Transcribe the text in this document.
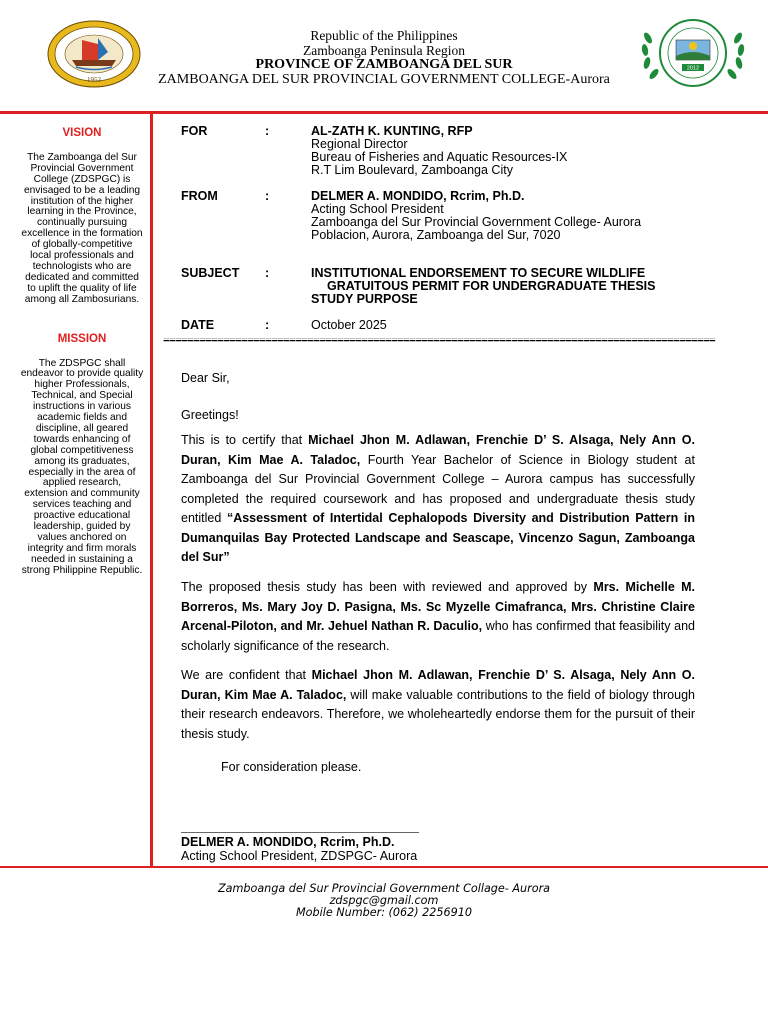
1952
Republic of the Philippines
Zamboanga Peninsula Region
PROVINCE OF ZAMBOANGA DEL SUR
ZAMBOANGA DEL SUR PROVINCIAL GOVERNMENT COLLEGE-Aurora
2012
VISION

The Zamboanga del Sur Provincial Government College (ZDSPGC) is envisaged to be a leading institution of the higher learning in the Province, continually pursuing excellence in the formation of globally-competitive local professionals and technologists who are dedicated and committed to uplift the quality of life among all Zambosurians.

MISSION

The ZDSPGC shall endeavor to provide quality higher Professionals, Technical, and Special instructions in various academic fields and discipline, all geared towards enhancing of global competitiveness among its graduates, especially in the area of applied research, extension and community services teaching and proactive educational leadership, guided by values anchored on integrity and firm morals needed in sustaining a strong Philippine Republic.

FOR	:	AL-ZATH K. KUNTING, RFP
Regional Director
Bureau of Fisheries and Aquatic Resources-IX
R.T Lim Boulevard, Zamboanga City
FROM	:	DELMER A. MONDIDO, Rcrim, Ph.D.
Acting School President
Zamboanga del Sur Provincial Government College- Aurora
Poblacion, Aurora, Zamboanga del Sur, 7020
SUBJECT :	INSTITUTIONAL ENDORSEMENT TO SECURE WILDLIFE
GRATUITOUS PERMIT FOR UNDERGRADUATE THESIS
STUDY PURPOSE
DATE	:	October 2025
============================================================================================
Dear Sir,
Greetings!
This is to certify that Michael Jhon M. Adlawan, Frenchie D’ S. Alsaga, Nely Ann O. Duran, Kim Mae A. Taladoc, Fourth Year Bachelor of Science in Biology student at Zamboanga del Sur Provincial Government College – Aurora campus has successfully completed the required coursework and has proposed and undergraduate thesis study entitled “Assessment of Intertidal Cephalopods Diversity and Distribution Pattern in Dumanquilas Bay Protected Landscape and Seascape, Vincenzo Sagun, Zamboanga del Sur”
The proposed thesis study has been with reviewed and approved by Mrs. Michelle M. Borreros, Ms. Mary Joy D. Pasigna, Ms. Sc Myzelle Cimafranca, Mrs. Christine Claire Arcenal-Piloton, and Mr. Jehuel Nathan R. Daculio, who has confirmed that feasibility and scholarly significance of the research.
We are confident that Michael Jhon M. Adlawan, Frenchie D’ S. Alsaga, Nely Ann O. Duran, Kim Mae A. Taladoc, will make valuable contributions to the field of biology through their research endeavors. Therefore, we wholeheartedly endorse them for the pursuit of their thesis study.
For consideration please.
DELMER A. MONDIDO, Rcrim, Ph.D.
Acting School President, ZDSPGC- Aurora
Zamboanga del Sur Provincial Government Collage- Aurora
zdspgc@gmail.com
Mobile Number: (062) 2256910
